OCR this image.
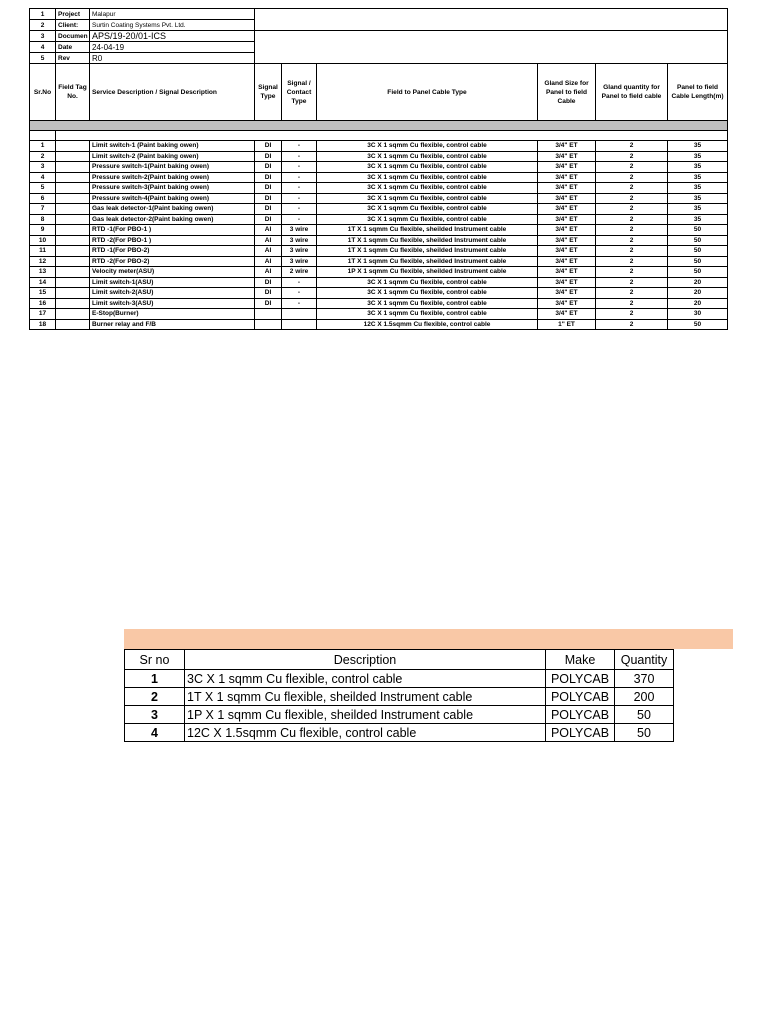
1	Project	Malapur						
2	Client:	Surtin Coating Systems Pvt. Ltd.						
3	Documen	APS/19-20/01-ICS						
4	Date	24-04-19						
5	Rev	R0						
Sr.No	Field Tag No.	Service Description / Signal Description	Signal Type	Signal / Contact Type	Field to Panel Cable Type	Gland Size for Panel to field Cable	Gland quantity for Panel to field cable	Panel to field Cable Length(m)

1		Limit switch-1 (Paint baking owen)	DI	-	3C X 1 sqmm Cu flexible, control cable	3/4" ET	2	35
2		Limit switch-2 (Paint baking owen)	DI	-	3C X 1 sqmm Cu flexible, control cable	3/4" ET	2	35
3		Pressure switch-1(Paint baking owen)	DI	-	3C X 1 sqmm Cu flexible, control cable	3/4" ET	2	35
4		Pressure switch-2(Paint baking owen)	DI	-	3C X 1 sqmm Cu flexible, control cable	3/4" ET	2	35
5		Pressure switch-3(Paint baking owen)	DI	-	3C X 1 sqmm Cu flexible, control cable	3/4" ET	2	35
6		Pressure switch-4(Paint baking owen)	DI	-	3C X 1 sqmm Cu flexible, control cable	3/4" ET	2	35
7		Gas leak detector-1(Paint baking owen)	DI	-	3C X 1 sqmm Cu flexible, control cable	3/4" ET	2	35
8		Gas leak detector-2(Paint baking owen)	DI	-	3C X 1 sqmm Cu flexible, control cable	3/4" ET	2	35
9		RTD -1(For PBO-1 )	AI	3 wire	1T X 1 sqmm Cu flexible, sheilded Instrument cable	3/4" ET	2	50
10		RTD -2(For PBO-1 )	AI	3 wire	1T X 1 sqmm Cu flexible, sheilded Instrument cable	3/4" ET	2	50
11		RTD -1(For PBO-2)	AI	3 wire	1T X 1 sqmm Cu flexible, sheilded Instrument cable	3/4" ET	2	50
12		RTD -2(For PBO-2)	AI	3 wire	1T X 1 sqmm Cu flexible, sheilded Instrument cable	3/4" ET	2	50
13		Velocity meter(ASU)	AI	2 wire	1P X 1 sqmm Cu flexible, sheilded Instrument cable	3/4" ET	2	50
14		Limit switch-1(ASU)	DI	-	3C X 1 sqmm Cu flexible, control cable	3/4" ET	2	20
15		Limit switch-2(ASU)	DI	-	3C X 1 sqmm Cu flexible, control cable	3/4" ET	2	20
16		Limit switch-3(ASU)	DI	-	3C X 1 sqmm Cu flexible, control cable	3/4" ET	2	20
17		E-Stop(Burner)			3C X 1 sqmm Cu flexible, control cable	3/4" ET	2	30
18		Burner relay and F/B			12C X 1.5sqmm Cu flexible, control cable	1" ET	2	50
Sr no	Description	Make	Quantity
1	3C X 1 sqmm Cu flexible, control cable	POLYCAB	370
2	1T X 1 sqmm Cu flexible, sheilded Instrument cable	POLYCAB	200
3	1P X 1 sqmm Cu flexible, sheilded Instrument cable	POLYCAB	50
4	12C X 1.5sqmm Cu flexible, control cable	POLYCAB	50
